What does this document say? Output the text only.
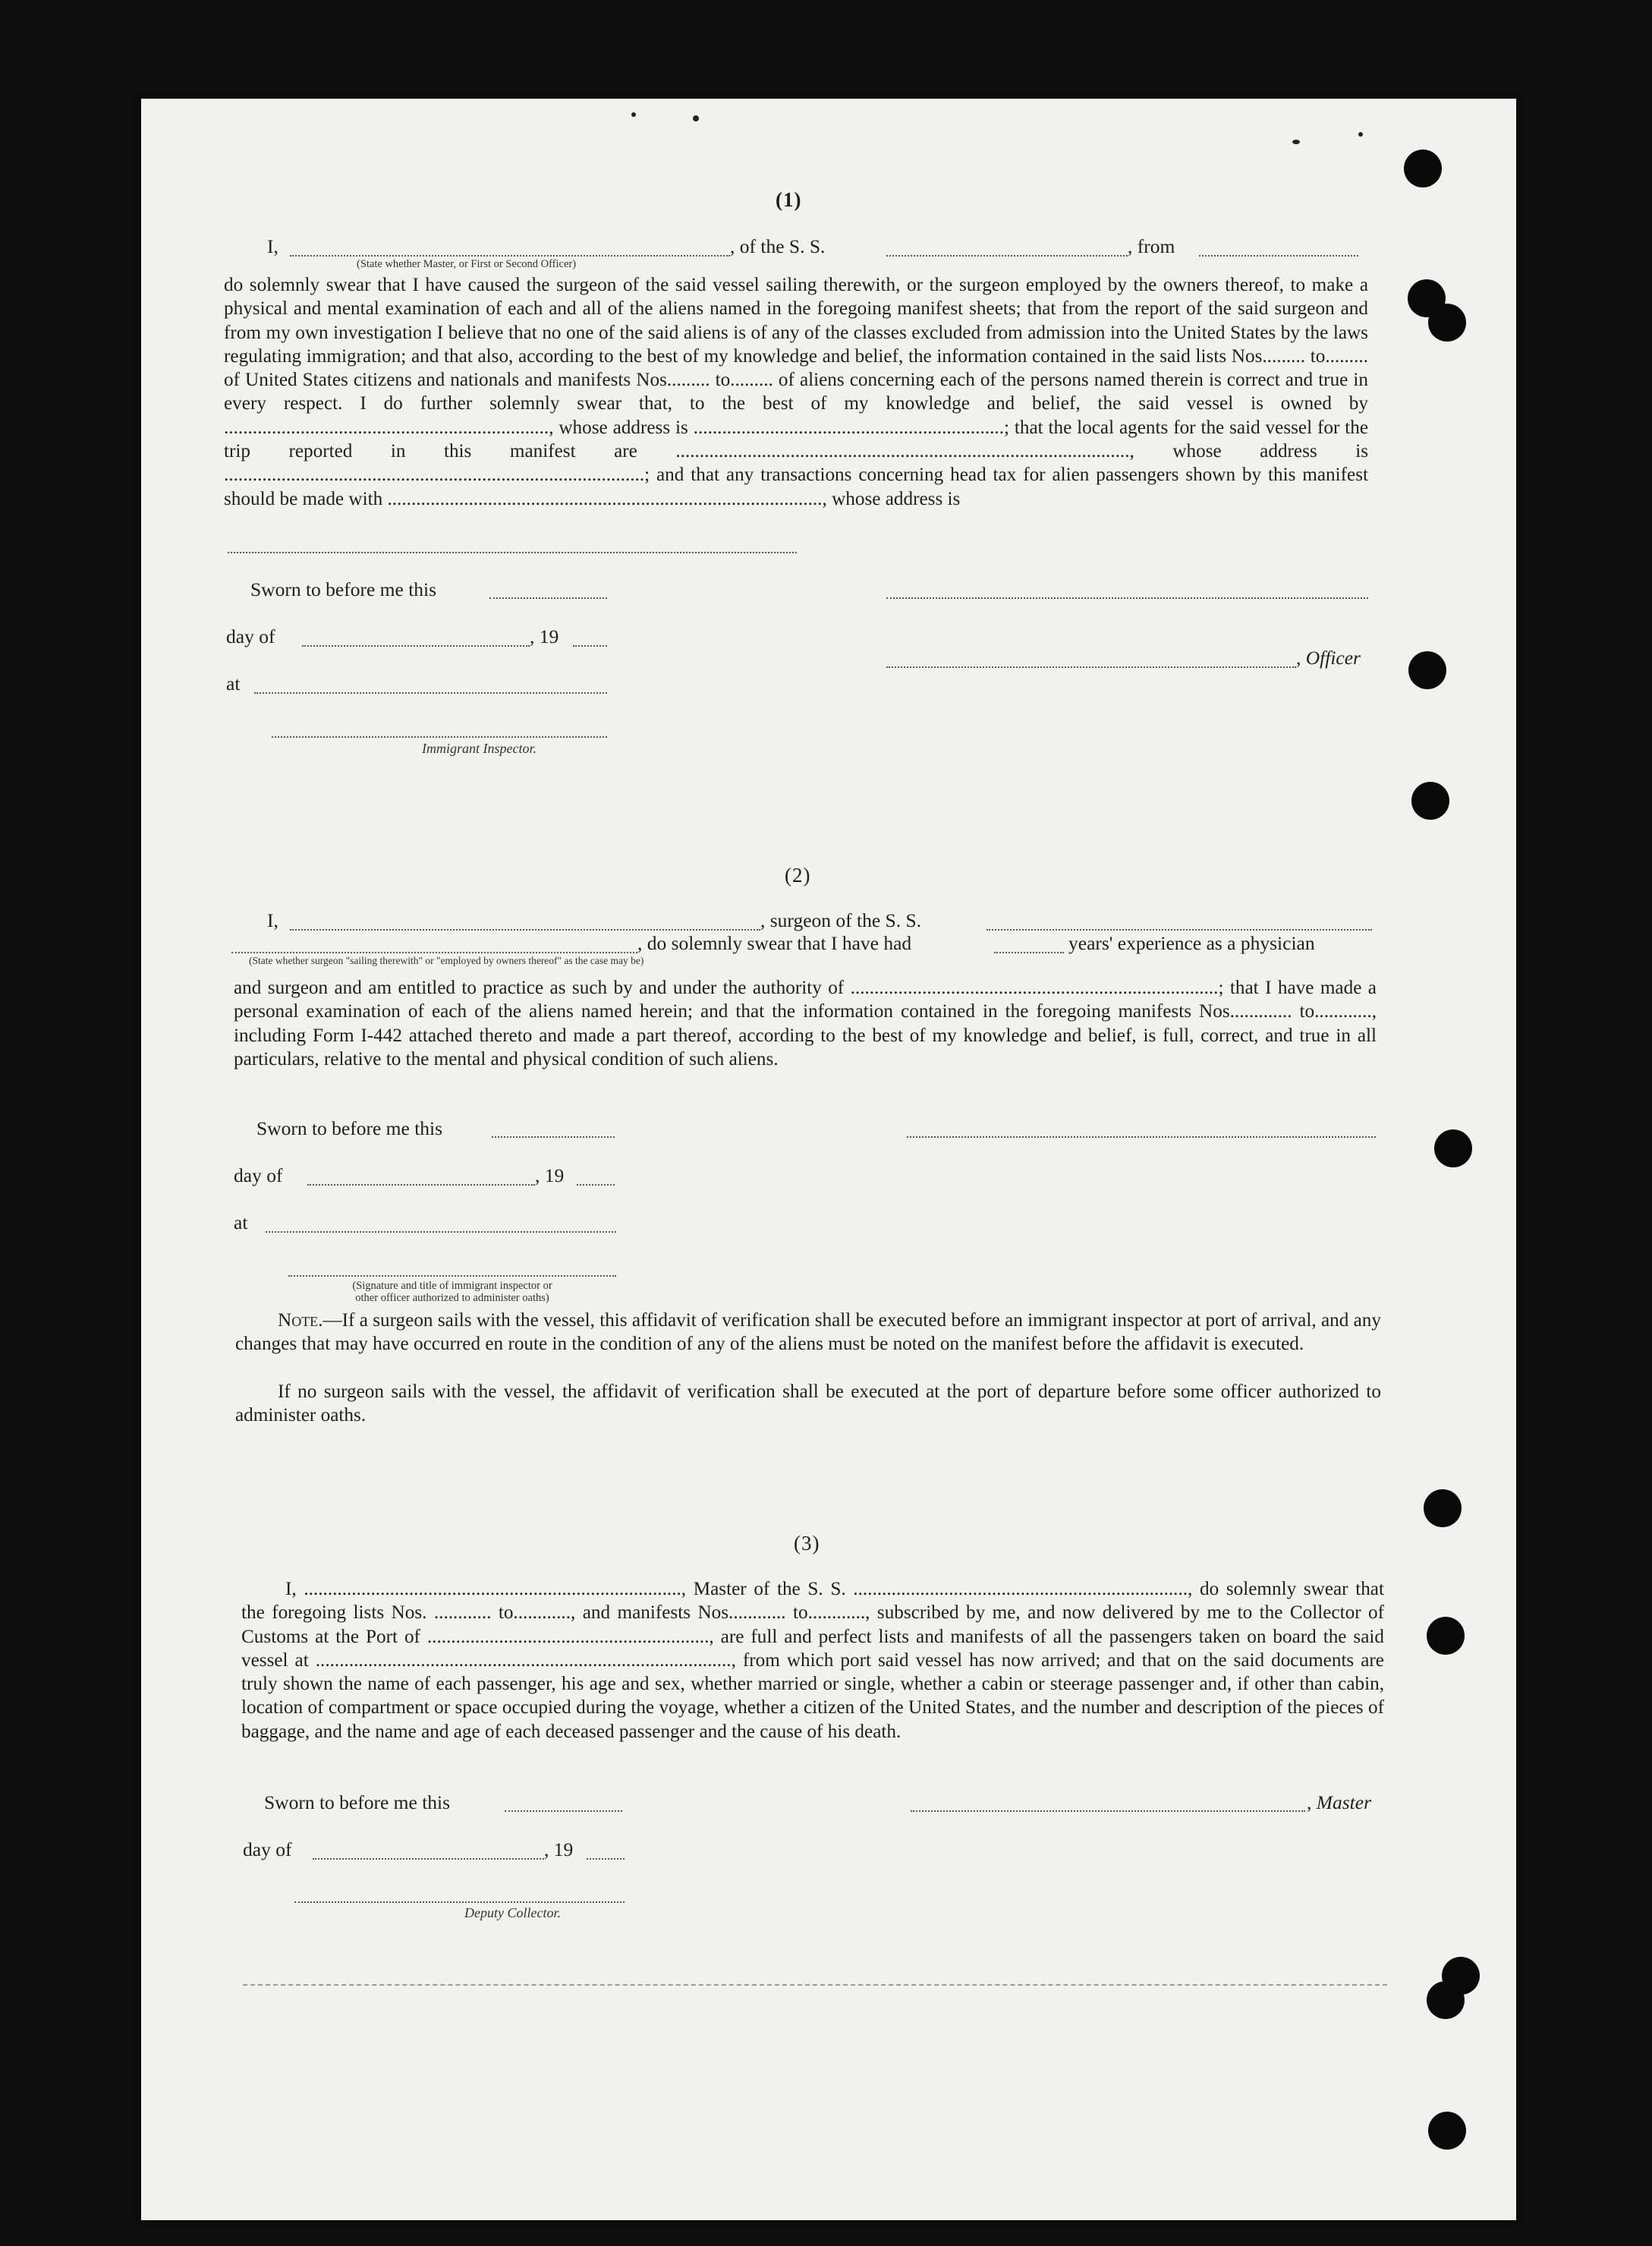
(1)
I,	, of the S. S.	, from
(State whether Master, or First or Second Officer)
do solemnly swear that I have caused the surgeon of the said vessel sailing therewith, or the surgeon employed by the owners thereof, to make a physical and mental examination of each and all of the aliens named in the foregoing manifest sheets; that from the report of the said surgeon and from my own investigation I believe that no one of the said aliens is of any of the classes excluded from admission into the United States by the laws regulating immigration; and that also, according to the best of my knowledge and belief, the information contained in the said lists Nos......... to......... of United States citizens and nationals and manifests Nos......... to......... of aliens concerning each of the persons named therein is correct and true in every respect. I do further solemnly swear that, to the best of my knowledge and belief, the said vessel is owned by ...................................................................., whose address is .................................................................; that the local agents for the said vessel for the trip reported in this manifest are ..............................................................................................., whose address is ........................................................................................; and that any transactions concerning head tax for alien passengers shown by this manifest should be made with ..........................................................................................., whose address is
Sworn to before me this
day of	, 19
, Officer
at
Immigrant Inspector.
(2)
I,	, surgeon of the S. S.
, do solemnly swear that I have had	years' experience as a physician
(State whether surgeon "sailing therewith" or "employed by owners thereof" as the case may be)
and surgeon and am entitled to practice as such by and under the authority of .............................................................................; that I have made a personal examination of each of the aliens named herein; and that the information contained in the foregoing manifests Nos............. to............, including Form I-442 attached thereto and made a part thereof, according to the best of my knowledge and belief, is full, correct, and true in all particulars, relative to the mental and physical condition of such aliens.
Sworn to before me this
day of	, 19
at
(Signature and title of immigrant inspector or
other officer authorized to administer oaths)
Note.—If a surgeon sails with the vessel, this affidavit of verification shall be executed before an immigrant inspector at port of arrival, and any changes that may have occurred en route in the condition of any of the aliens must be noted on the manifest before the affidavit is executed.
If no surgeon sails with the vessel, the affidavit of verification shall be executed at the port of departure before some officer authorized to administer oaths.
(3)
I, ..............................................................................., Master of the S. S. ......................................................................, do solemnly swear that the foregoing lists Nos. ............ to............, and manifests Nos............ to............, subscribed by me, and now delivered by me to the Collector of Customs at the Port of ..........................................................., are full and perfect lists and manifests of all the passengers taken on board the said vessel at ......................................................................................., from which port said vessel has now arrived; and that on the said documents are truly shown the name of each passenger, his age and sex, whether married or single, whether a cabin or steerage passenger and, if other than cabin, location of compartment or space occupied during the voyage, whether a citizen of the United States, and the number and description of the pieces of baggage, and the name and age of each deceased passenger and the cause of his death.
Sworn to before me this	, Master
day of	, 19
Deputy Collector.
